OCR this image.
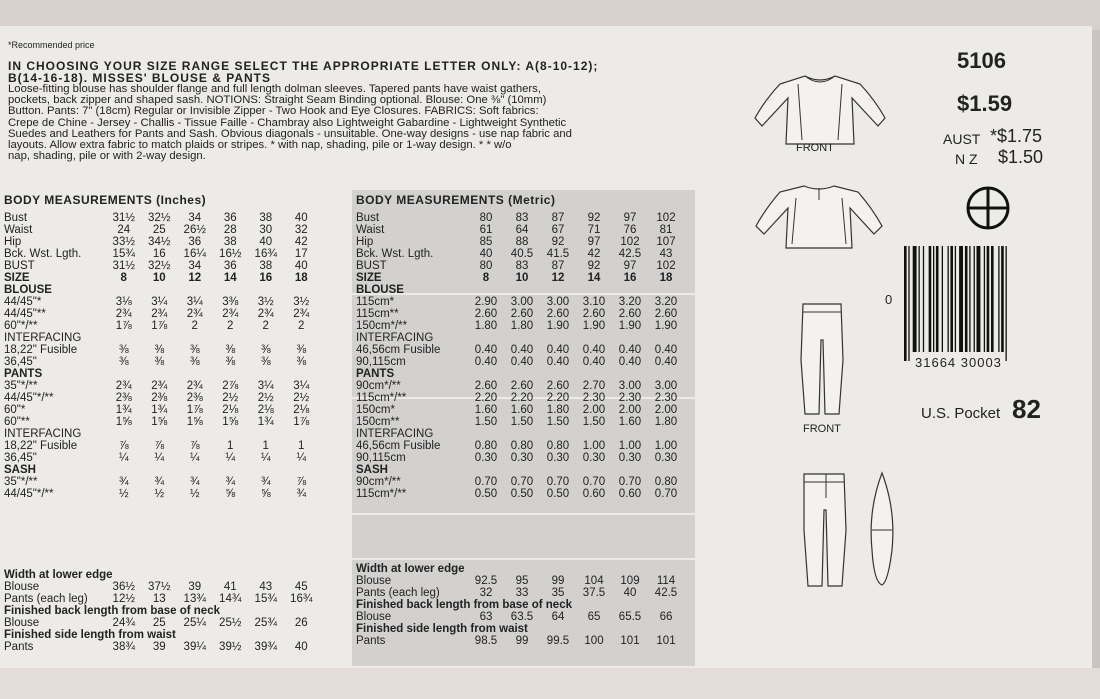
*Recommended price
IN CHOOSING YOUR SIZE RANGE SELECT THE APPROPRIATE LETTER ONLY: A(8-10-12);
B(14-16-18). MISSES' BLOUSE & PANTS
Loose-fitting blouse has shoulder flange and full length dolman sleeves. Tapered pants have waist gathers,
pockets, back zipper and shaped sash. NOTIONS: Straight Seam Binding optional. Blouse: One ⅜" (10mm)
Button. Pants: 7" (18cm) Regular or Invisible Zipper - Two Hook and Eye Closures. FABRICS: Soft fabrics:
Crepe de Chine - Jersey - Challis - Tissue Faille - Chambray also Lightweight Gabardine - Lightweight Synthetic
Suedes and Leathers for Pants and Sash. Obvious diagonals - unsuitable. One-way designs - use nap fabric and
layouts. Allow extra fabric to match plaids or stripes. * with nap, shading, pile or 1-way design. * * w/o
nap, shading, pile or with 2-way design.
BODY MEASUREMENTS (Inches)	BODY MEASUREMENTS (Metric)
Bust	31½	32½	34	36	38	40
Waist	24	25	26½	28	30	32
Hip	33½	34½	36	38	40	42
Bck. Wst. Lgth.	15¾	16	16¼	16½	16¾	17
BUST	31½	32½	34	36	38	40
SIZE	8	10	12	14	16	18
BLOUSE						
44/45"*	3⅛	3¼	3¼	3⅜	3½	3½
44/45"**	2¾	2¾	2¾	2¾	2¾	2¾
60"*/**	1⅞	1⅞	2	2	2	2
INTERFACING						
18,22" Fusible	⅜	⅜	⅜	⅜	⅜	⅜
36,45"	⅜	⅜	⅜	⅜	⅜	⅜
PANTS						
35"*/**	2¾	2¾	2¾	2⅞	3¼	3¼
44/45"*/**	2⅜	2⅜	2⅜	2½	2½	2½
60"*	1¾	1¾	1⅞	2⅛	2⅛	2⅛
60"**	1⅝	1⅝	1⅝	1⅝	1¾	1⅞
INTERFACING						
18,22" Fusible	⅞	⅞	⅞	1	1	1
36,45"	¼	¼	¼	¼	¼	¼
SASH						
35"*/**	¾	¾	¾	¾	¾	⅞
44/45"*/**	½	½	½	⅝	⅝	¾
Bust	80	83	87	92	97	102
Waist	61	64	67	71	76	81
Hip	85	88	92	97	102	107
Bck. Wst. Lgth.	40	40.5	41.5	42	42.5	43
BUST	80	83	87	92	97	102
SIZE	8	10	12	14	16	18
BLOUSE						
115cm*	2.90	3.00	3.00	3.10	3.20	3.20
115cm**	2.60	2.60	2.60	2.60	2.60	2.60
150cm*/**	1.80	1.80	1.90	1.90	1.90	1.90
INTERFACING						
46,56cm Fusible	0.40	0.40	0.40	0.40	0.40	0.40
90,115cm	0.40	0.40	0.40	0.40	0.40	0.40
PANTS						
90cm*/**	2.60	2.60	2.60	2.70	3.00	3.00
115cm*/**	2.20	2.20	2.20	2.30	2.30	2.30
150cm*	1.60	1.60	1.80	2.00	2.00	2.00
150cm**	1.50	1.50	1.50	1.50	1.60	1.80
INTERFACING						
46,56cm Fusible	0.80	0.80	0.80	1.00	1.00	1.00
90,115cm	0.30	0.30	0.30	0.30	0.30	0.30
SASH						
90cm*/**	0.70	0.70	0.70	0.70	0.70	0.80
115cm*/**	0.50	0.50	0.50	0.60	0.60	0.70
Width at lower edge						
Blouse	36½	37½	39	41	43	45
Pants (each leg)	12½	13	13¾	14¾	15¾	16¾
Finished back length from base of neck						
Blouse	24¾	25	25¼	25½	25¾	26
Finished side length from waist						
Pants	38¾	39	39¼	39½	39¾	40
Width at lower edge						
Blouse	92.5	95	99	104	109	114
Pants (each leg)	32	33	35	37.5	40	42.5
Finished back length from base of neck						
Blouse	63	63.5	64	65	65.5	66
Finished side length from waist						
Pants	98.5	99	99.5	100	101	101
5106
$1.59
AUST *$1.75
N Z $1.50
FRONT
0
31664 30003
FRONT
U.S. Pocket 82
